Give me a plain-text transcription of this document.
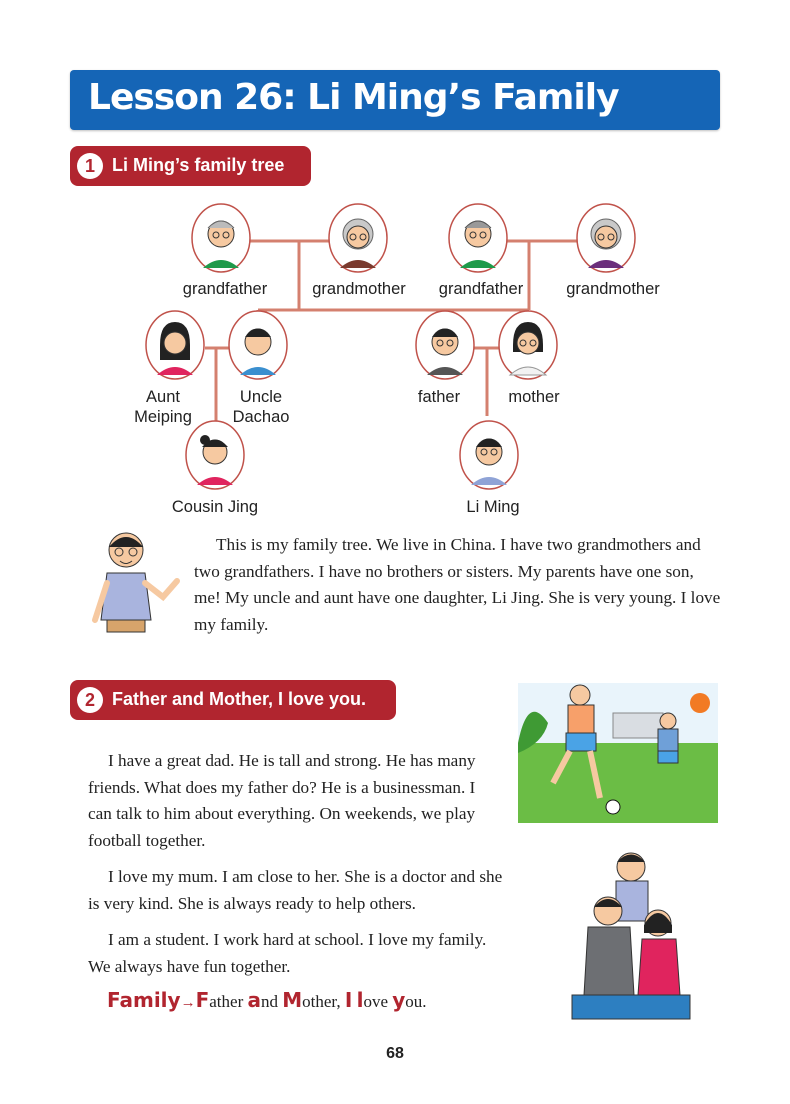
Lesson 26: Li Ming’s Family
1 Li Ming’s family tree
grandfather	grandmother grandfather	grandmother
Aunt
Meiping
Uncle
Dachao
father	mother
Cousin Jing	Li Ming
This is my family tree. We live in China. I have two grandmothers and two grandfathers. I have no brothers or sisters. My parents have one son, me! My uncle and aunt have one daughter, Li Jing. She is very young. I love my family.
2 Father and Mother, I love you.

I have a great dad. He is tall and strong. He has many friends. What does my father do? He is a businessman. I can talk to him about everything. On weekends, we play football together.

I love my mum. I am close to her. She is a doctor and she is very kind. She is always ready to help others.

I am a student. I work hard at school. I love my family. We always have fun together.

Family→Father and Mother, I love you.
68
